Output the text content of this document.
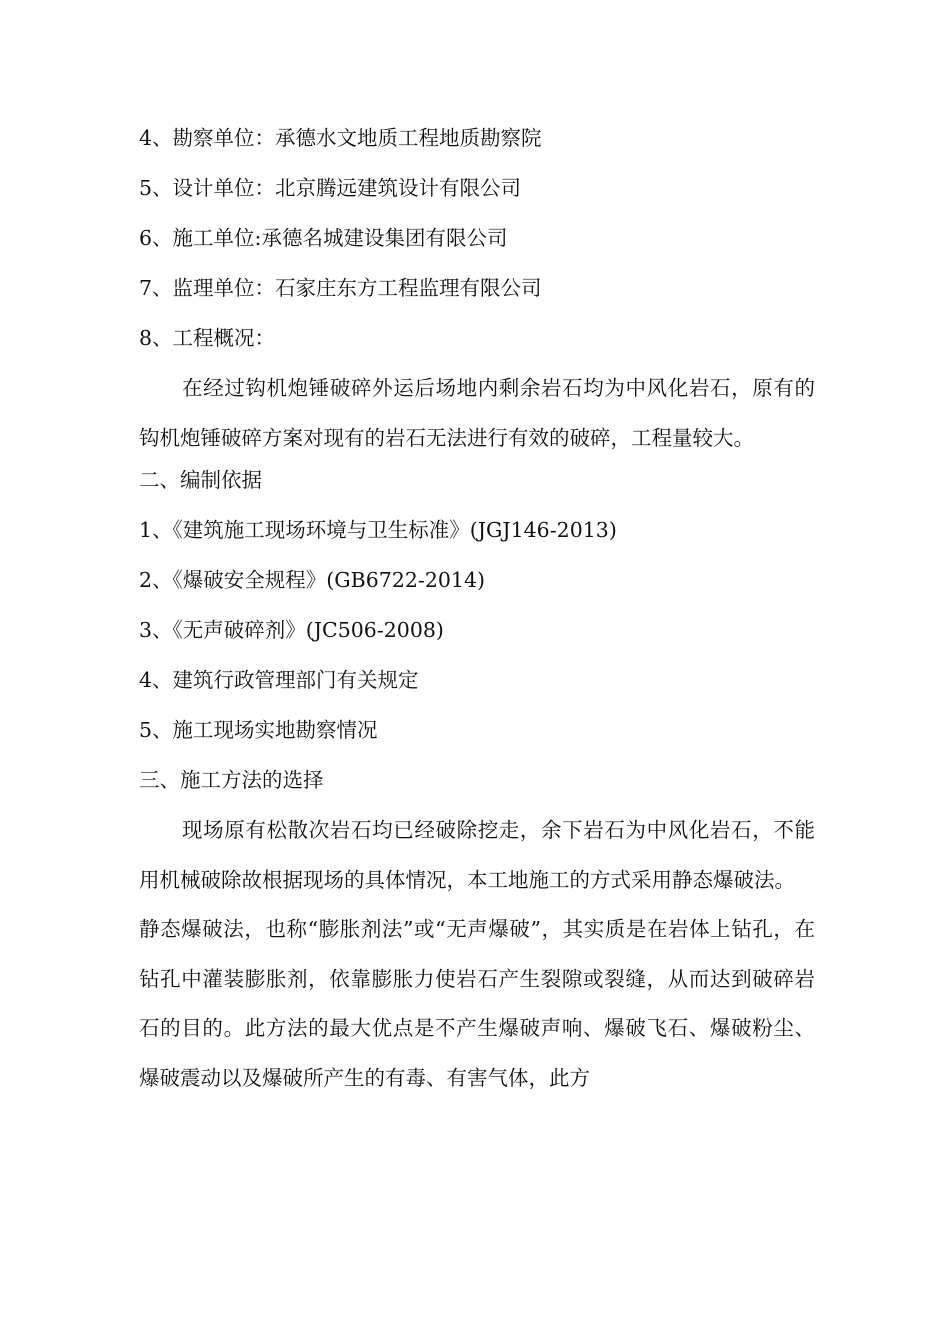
4、勘察单位：承德水文地质工程地质勘察院
5、设计单位：北京腾远建筑设计有限公司
6、施工单位:承德名城建设集团有限公司
7、监理单位：石家庄东方工程监理有限公司
8、工程概况：
在经过钩机炮锤破碎外运后场地内剩余岩石均为中风化岩石，原有的钩机炮锤破碎方案对现有的岩石无法进行有效的破碎，工程量较大。
二、编制依据
1、《建筑施工现场环境与卫生标准》(JGJ146-2013)
2、《爆破安全规程》(GB6722-2014)
3、《无声破碎剂》(JC506-2008)
4、建筑行政管理部门有关规定
5、施工现场实地勘察情况
三、施工方法的选择
现场原有松散次岩石均已经破除挖走，余下岩石为中风化岩石，不能用机械破除故根据现场的具体情况，本工地施工的方式采用静态爆破法。
静态爆破法，也称“膨胀剂法”或“无声爆破”，其实质是在岩体上钻孔，在钻孔中灌装膨胀剂，依靠膨胀力使岩石产生裂隙或裂缝，从而达到破碎岩石的目的。此方法的最大优点是不产生爆破声响、爆破飞石、爆破粉尘、爆破震动以及爆破所产生的有毒、有害气体，此方
